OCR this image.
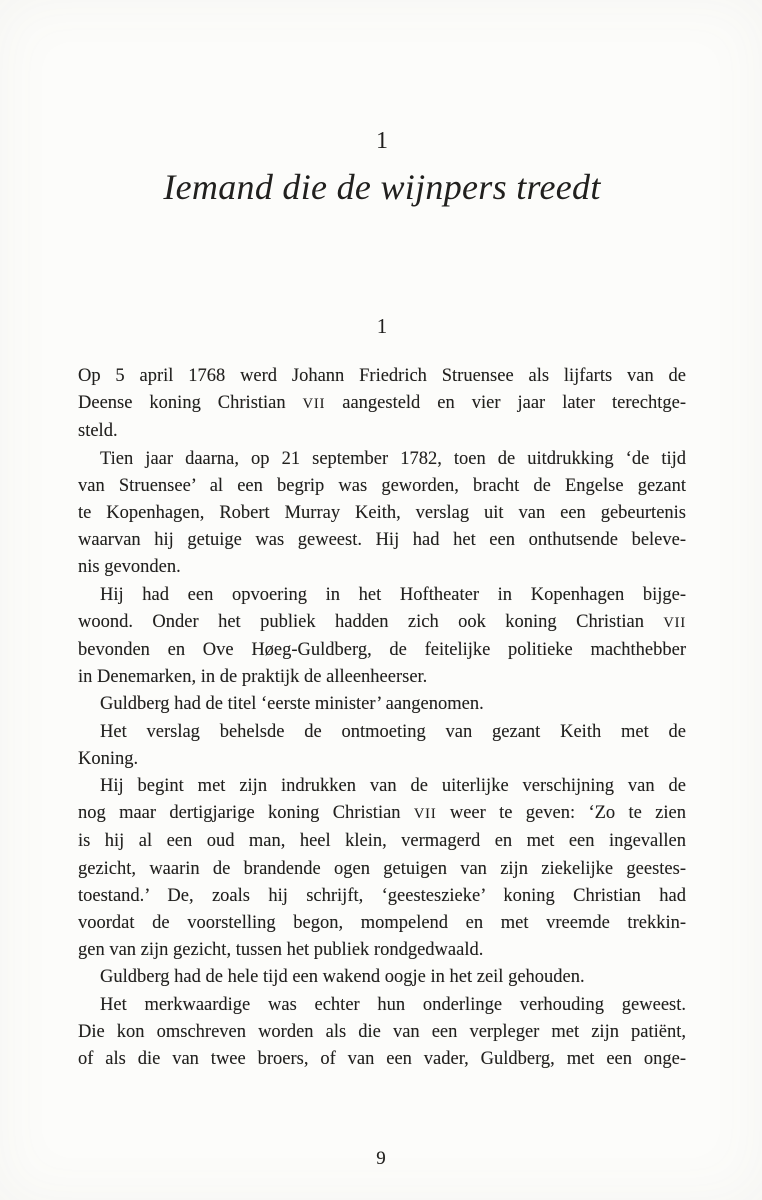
1
Iemand die de wijnpers treedt
1
Op 5 april 1768 werd Johann Friedrich Struensee als lijfarts van de
Deense koning Christian VII aangesteld en vier jaar later terechtge-
steld.
Tien jaar daarna, op 21 september 1782, toen de uitdrukking ‘de tijd
van Struensee’ al een begrip was geworden, bracht de Engelse gezant
te Kopenhagen, Robert Murray Keith, verslag uit van een gebeurtenis
waarvan hij getuige was geweest. Hij had het een onthutsende beleve-
nis gevonden.
Hij had een opvoering in het Hoftheater in Kopenhagen bijge-
woond. Onder het publiek hadden zich ook koning Christian VII
bevonden en Ove Høeg-Guldberg, de feitelijke politieke machthebber
in Denemarken, in de praktijk de alleenheerser.
Guldberg had de titel ‘eerste minister’ aangenomen.
Het verslag behelsde de ontmoeting van gezant Keith met de
Koning.
Hij begint met zijn indrukken van de uiterlijke verschijning van de
nog maar dertigjarige koning Christian VII weer te geven: ‘Zo te zien
is hij al een oud man, heel klein, vermagerd en met een ingevallen
gezicht, waarin de brandende ogen getuigen van zijn ziekelijke geestes-
toestand.’ De, zoals hij schrijft, ‘geesteszieke’ koning Christian had
voordat de voorstelling begon, mompelend en met vreemde trekkin-
gen van zijn gezicht, tussen het publiek rondgedwaald.
Guldberg had de hele tijd een wakend oogje in het zeil gehouden.
Het merkwaardige was echter hun onderlinge verhouding geweest.
Die kon omschreven worden als die van een verpleger met zijn patiënt,
of als die van twee broers, of van een vader, Guldberg, met een onge-
9
